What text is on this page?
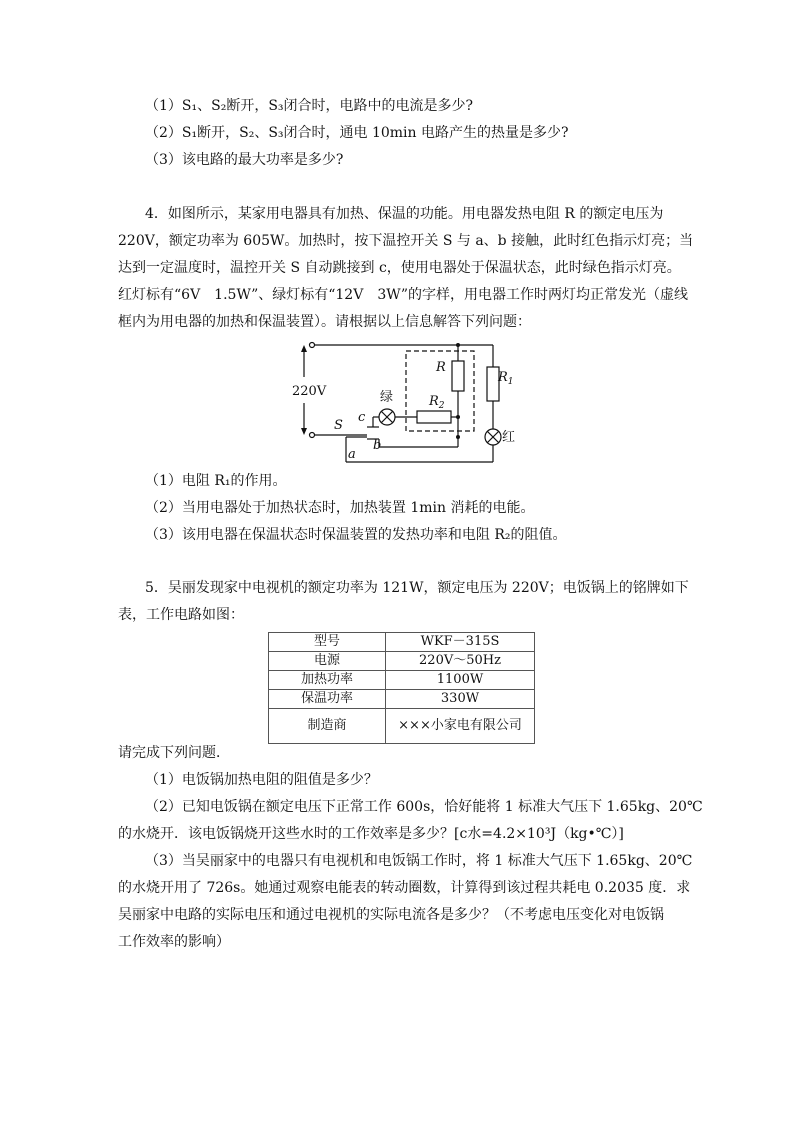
（1）S₁、S₂断开，S₃闭合时，电路中的电流是多少?
（2）S₁断开，S₂、S₃闭合时，通电 10min 电路产生的热量是多少?
（3）该电路的最大功率是多少?
4．如图所示，某家用电器具有加热、保温的功能。用电器发热电阻 R 的额定电压为
220V，额定功率为 605W。加热时，按下温控开关 S 与 a、b 接触，此时红色指示灯亮；当
达到一定温度时，温控开关 S 自动跳接到 c，使用电器处于保温状态，此时绿色指示灯亮。
红灯标有“6V　1.5W”、绿灯标有“12V　3W”的字样，用电器工作时两灯均正常发光（虚线
框内为用电器的加热和保温装置）。请根据以上信息解答下列问题：
220V
R
$R_1$
$R_2$
绿
红
S
c
b
a
（1）电阻 R₁的作用。
（2）当用电器处于加热状态时，加热装置 1min 消耗的电能。
（3）该用电器在保温状态时保温装置的发热功率和电阻 R₂的阻值。
5．吴丽发现家中电视机的额定功率为 121W，额定电压为 220V；电饭锅上的铭牌如下
表，工作电路如图：
型号	WKF－315S
电源	220V～50Hz
加热功率	1100W
保温功率	330W
制造商	×××小家电有限公司
请完成下列问题．
（1）电饭锅加热电阻的阻值是多少？
（2）已知电饭锅在额定电压下正常工作 600s，恰好能将 1 标准大气压下 1.65kg、20℃
的水烧开．该电饭锅烧开这些水时的工作效率是多少？[c水=4.2×10³J（kg•℃）]
（3）当吴丽家中的电器只有电视机和电饭锅工作时，将 1 标准大气压下 1.65kg、20℃
的水烧开用了 726s。她通过观察电能表的转动圈数，计算得到该过程共耗电 0.2035 度．求
吴丽家中电路的实际电压和通过电视机的实际电流各是多少？（不考虑电压变化对电饭锅
工作效率的影响）
